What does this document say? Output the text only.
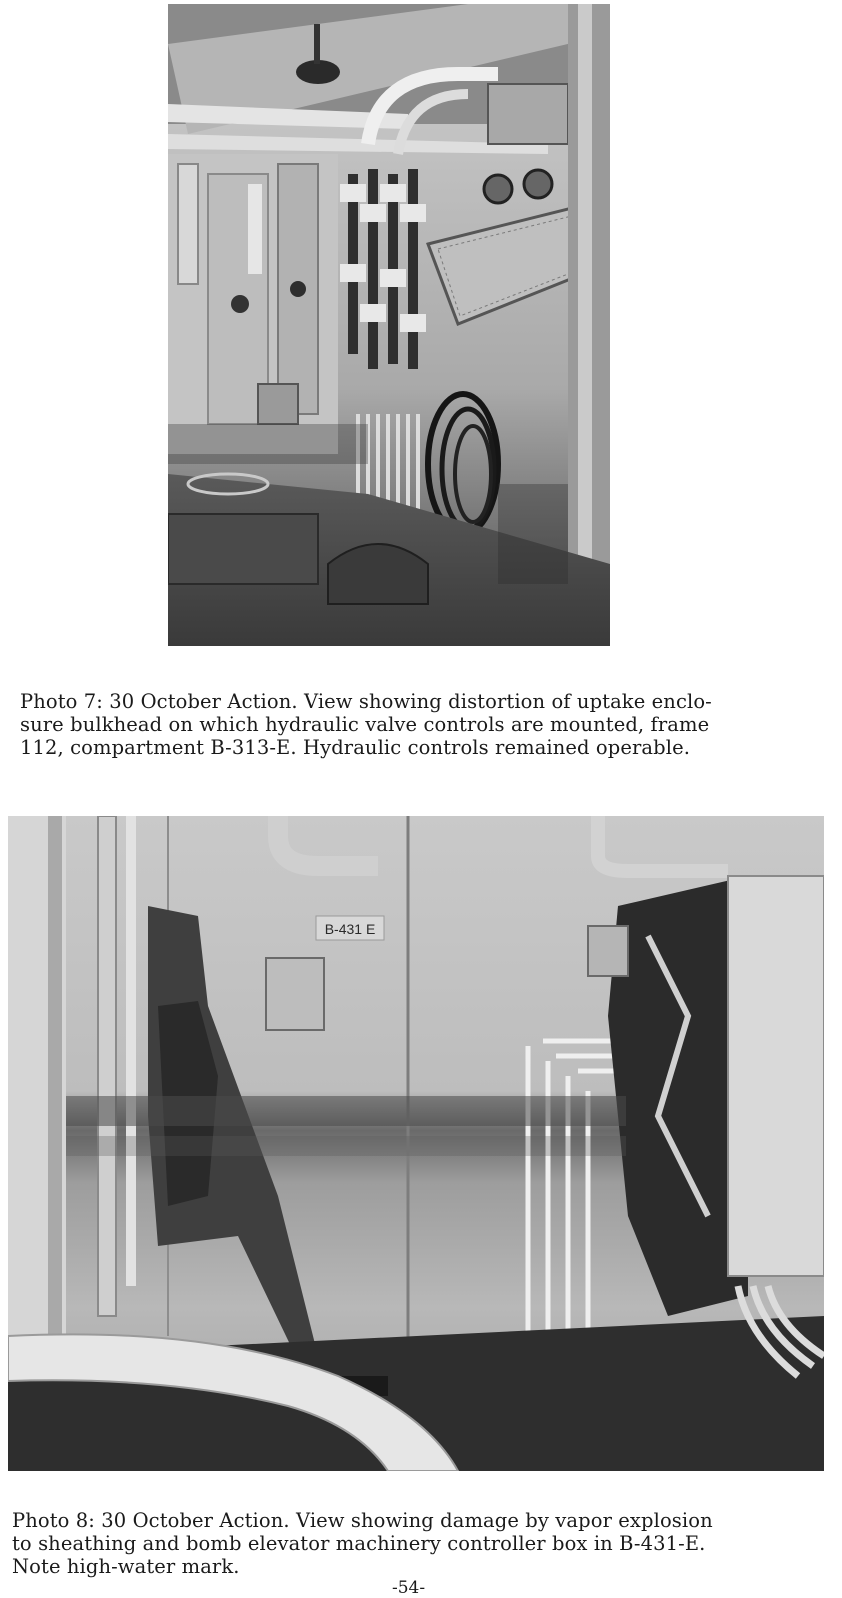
Photo 7: 30 October Action. View showing distortion of uptake enclo-
sure bulkhead on which hydraulic valve controls are mounted, frame
112, compartment B-313-E. Hydraulic controls remained operable.

B-431 E

Photo 8: 30 October Action. View showing damage by vapor explosion
to sheathing and bomb elevator machinery controller box in B-431-E.
Note high-water mark.

-54-
